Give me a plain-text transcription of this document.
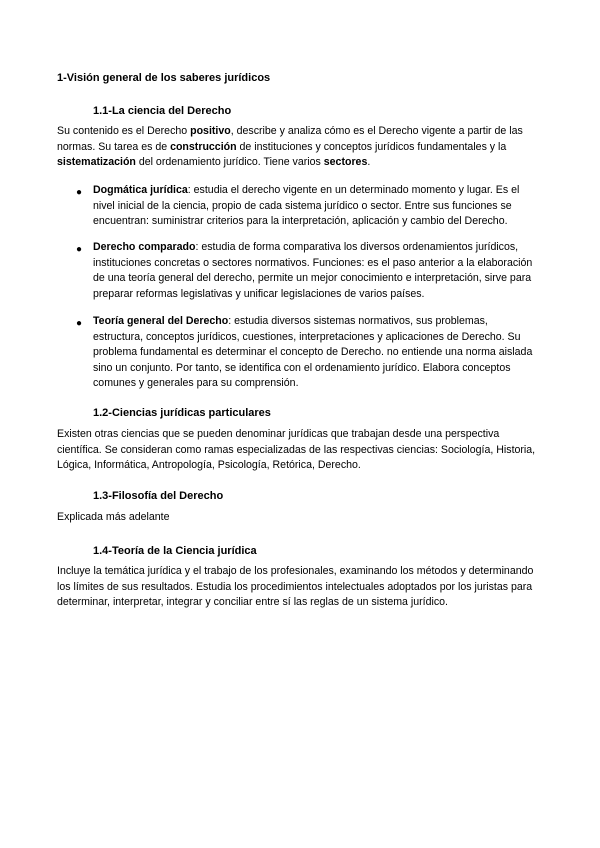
1-Visión general de los saberes jurídicos
1.1-La ciencia del Derecho
Su contenido es el Derecho positivo, describe y analiza cómo es el Derecho vigente a partir de las
normas. Su tarea es de construcción de instituciones y conceptos jurídicos fundamentales y la
sistematización del ordenamiento jurídico. Tiene varios sectores.
● Dogmática jurídica: estudia el derecho vigente en un determinado momento y lugar. Es el
nivel inicial de la ciencia, propio de cada sistema jurídico o sector. Entre sus funciones se
encuentran: suministrar criterios para la interpretación, aplicación y cambio del Derecho.
● Derecho comparado: estudia de forma comparativa los diversos ordenamientos jurídicos,
instituciones concretas o sectores normativos. Funciones: es el paso anterior a la elaboración
de una teoría general del derecho, permite un mejor conocimiento e interpretación, sirve para
preparar reformas legislativas y unificar legislaciones de varios países.
● Teoría general del Derecho: estudia diversos sistemas normativos, sus problemas,
estructura, conceptos jurídicos, cuestiones, interpretaciones y aplicaciones de Derecho. Su
problema fundamental es determinar el concepto de Derecho. no entiende una norma aislada
sino un conjunto. Por tanto, se identifica con el ordenamiento jurídico. Elabora conceptos
comunes y generales para su comprensión.
1.2-Ciencias jurídicas particulares
Existen otras ciencias que se pueden denominar jurídicas que trabajan desde una perspectiva
científica. Se consideran como ramas especializadas de las respectivas ciencias: Sociología, Historia,
Lógica, Informática, Antropología, Psicología, Retórica, Derecho.
1.3-Filosofía del Derecho
Explicada más adelante
1.4-Teoría de la Ciencia jurídica
Incluye la temática jurídica y el trabajo de los profesionales, examinando los métodos y determinando
los límites de sus resultados. Estudia los procedimientos intelectuales adoptados por los juristas para
determinar, interpretar, integrar y conciliar entre sí las reglas de un sistema jurídico.
